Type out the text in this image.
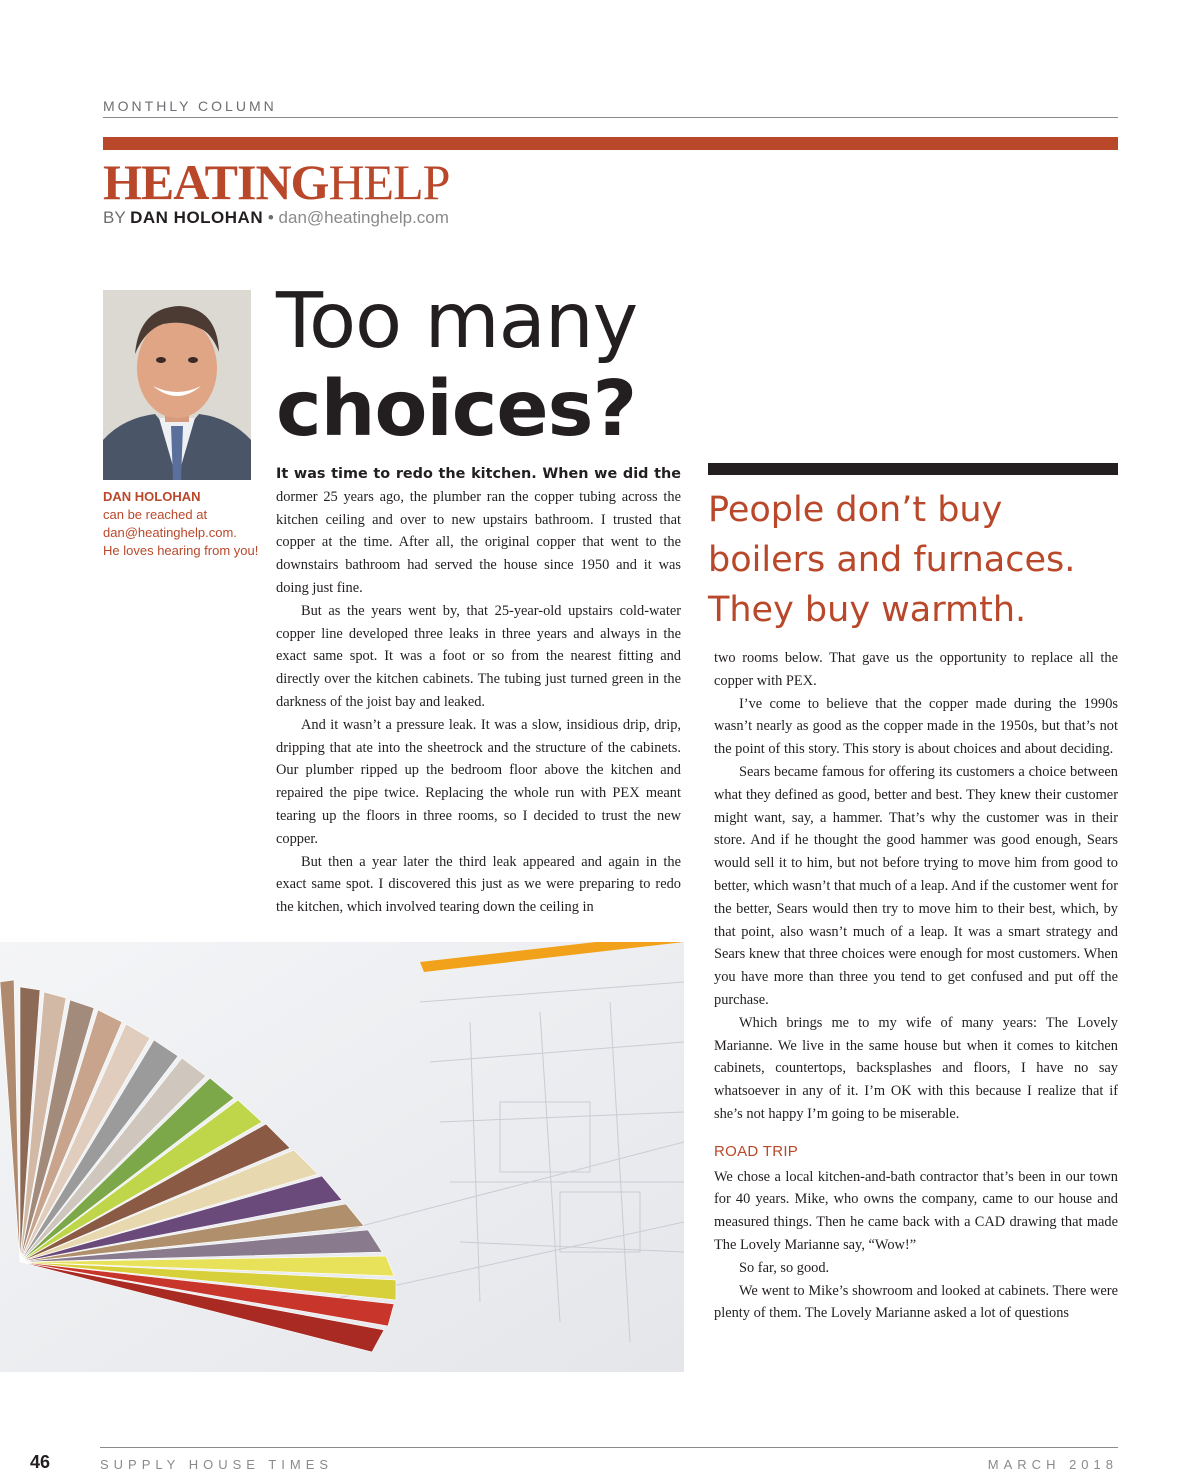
MONTHLY COLUMN
HEATINGHELP
BY DAN HOLOHAN • dan@heatinghelp.com
DAN HOLOHAN
can be reached at
dan@heatinghelp.com.
He loves hearing from you!
Too many
choices?

It was time to redo the kitchen. When we did the dormer 25 years ago, the plumber ran the copper tubing across the kitchen ceiling and over to new upstairs bathroom. I trusted that copper at the time. After all, the original copper that went to the downstairs bathroom had served the house since 1950 and it was doing just fine.

But as the years went by, that 25-year-old upstairs cold-water copper line developed three leaks in three years and always in the exact same spot. It was a foot or so from the nearest fitting and directly over the kitchen cabinets. The tubing just turned green in the darkness of the joist bay and leaked.

And it wasn’t a pressure leak. It was a slow, insidious drip, drip, dripping that ate into the sheetrock and the structure of the cabinets. Our plumber ripped up the bedroom floor above the kitchen and repaired the pipe twice. Replacing the whole run with PEX meant tearing up the floors in three rooms, so I decided to trust the new copper.

But then a year later the third leak appeared and again in the exact same spot. I discovered this just as we were preparing to redo the kitchen, which involved tearing down the ceiling in

People don’t buy boilers and furnaces. They buy warmth.

two rooms below. That gave us the opportunity to replace all the copper with PEX.

I’ve come to believe that the copper made during the 1990s wasn’t nearly as good as the copper made in the 1950s, but that’s not the point of this story. This story is about choices and about deciding.

Sears became famous for offering its customers a choice between what they defined as good, better and best. They knew their customer might want, say, a hammer. That’s why the customer was in their store. And if he thought the good hammer was good enough, Sears would sell it to him, but not before trying to move him from good to better, which wasn’t that much of a leap. And if the customer went for the better, Sears would then try to move him to their best, which, by that point, also wasn’t much of a leap. It was a smart strategy and Sears knew that three choices were enough for most customers. When you have more than three you tend to get confused and put off the purchase.

Which brings me to my wife of many years: The Lovely Marianne. We live in the same house but when it comes to kitchen cabinets, countertops, backsplashes and floors, I have no say whatsoever in any of it. I’m OK with this because I realize that if she’s not happy I’m going to be miserable.

ROAD TRIP

We chose a local kitchen-and-bath contractor that’s been in our town for 40 years. Mike, who owns the company, came to our house and measured things. Then he came back with a CAD drawing that made The Lovely Marianne say, “Wow!”

So far, so good.

We went to Mike’s showroom and looked at cabinets. There were plenty of them. The Lovely Marianne asked a lot of questions

46	SUPPLY HOUSE TIMES	MARCH 2018
